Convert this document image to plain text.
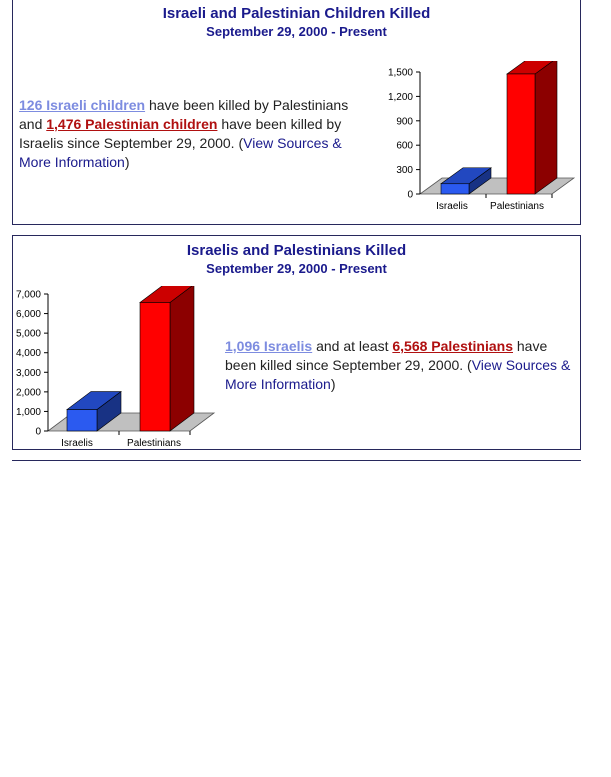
Israeli and Palestinian Children Killed
September 29, 2000 - Present
126 Israeli children have been killed by Palestinians and 1,476 Palestinian children have been killed by Israelis since September 29, 2000. (View Sources & More Information)
0
300
600
900
1,200
1,500
Israelis Palestinians
Israelis and Palestinians Killed
September 29, 2000 - Present
0
1,000
2,000
3,000
4,000
5,000
6,000
7,000
Israelis	Palestinians
1,096 Israelis and at least 6,568 Palestinians have been killed since September 29, 2000. (View Sources & More Information)
